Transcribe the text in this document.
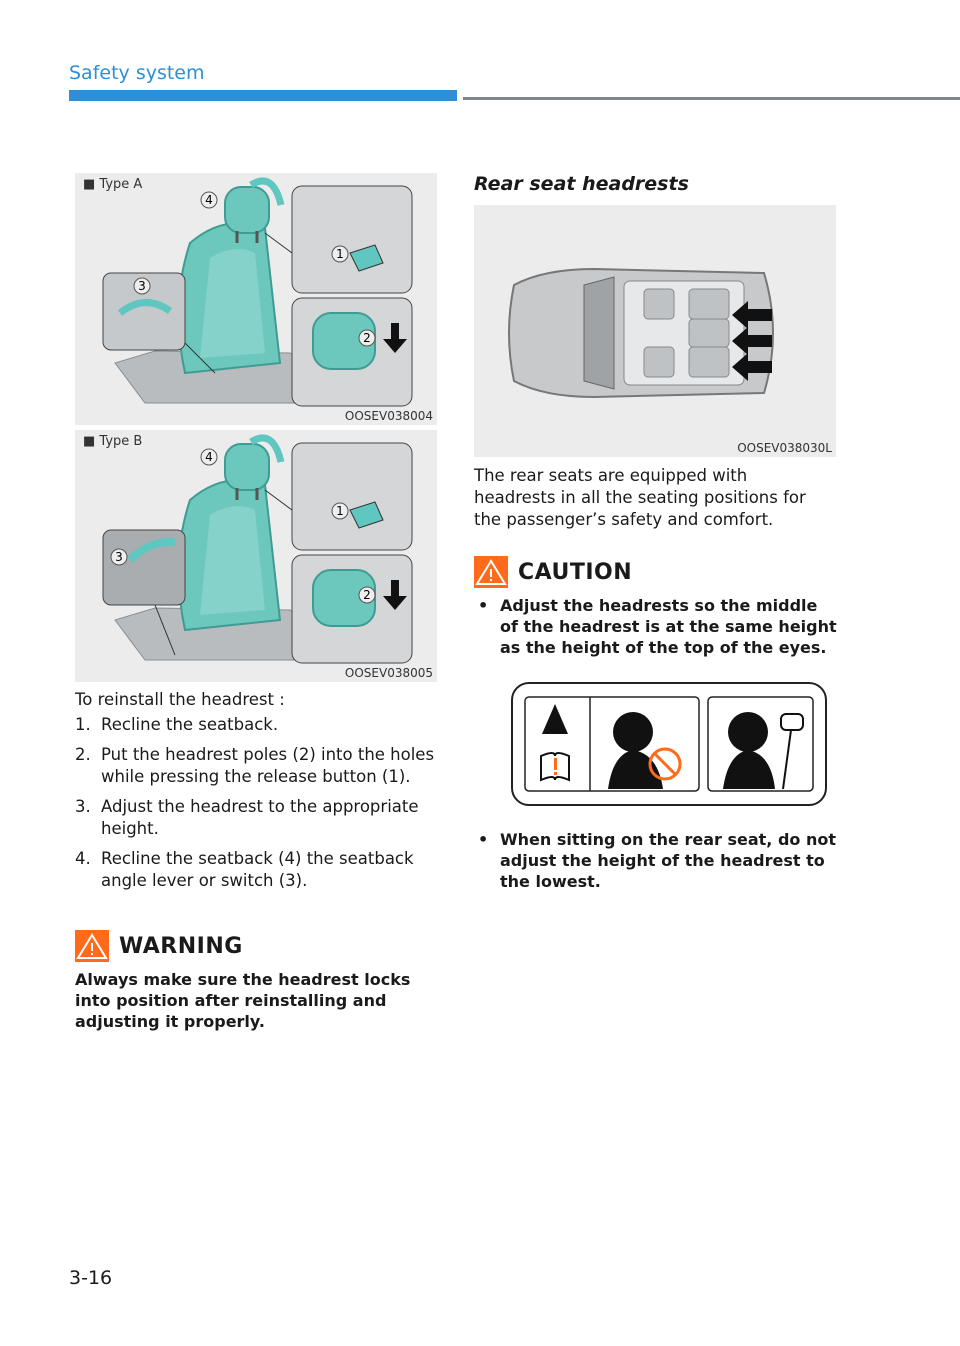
Safety system
4
1
3
2
■ Type A
OOSEV038004
4
1
3
2
■ Type B
OOSEV038005
To reinstall the headrest :
1. Recline the seatback.
2. Put the headrest poles (2) into the holes while pressing the release button (1).
3. Adjust the headrest to the appropriate height.
4. Recline the seatback (4) the seatback angle lever or switch (3).
WARNING
Always make sure the headrest locks into position after reinstalling and adjusting it properly.
Rear seat headrests
OOSEV038030L
The rear seats are equipped with headrests in all the seating positions for the passenger’s safety and comfort.
CAUTION
• Adjust the headrests so the middle of the headrest is at the same height as the height of the top of the eyes.
• When sitting on the rear seat, do not adjust the height of the headrest to the lowest.
3-16
